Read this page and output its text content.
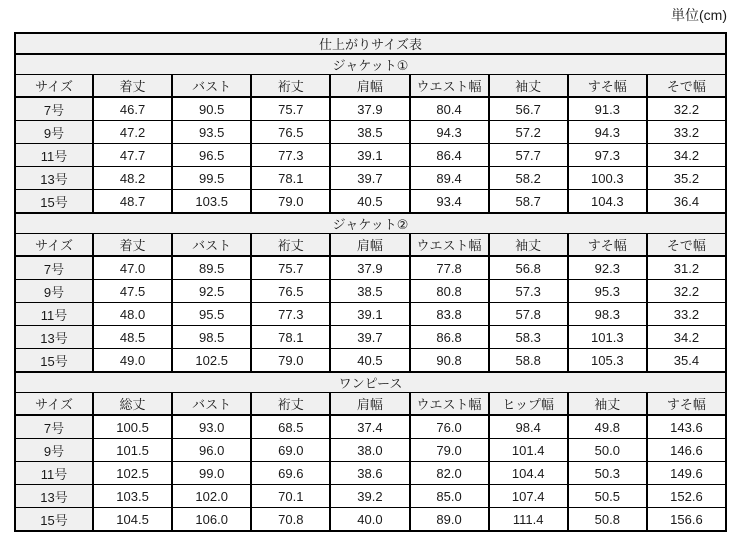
単位(cm)
仕上がりサイズ表								
ジャケット①								
サイズ	着丈	バスト	裄丈	肩幅	ウエスト幅	袖丈	すそ幅	そで幅
7号	46.7	90.5	75.7	37.9	80.4	56.7	91.3	32.2
9号	47.2	93.5	76.5	38.5	94.3	57.2	94.3	33.2
11号	47.7	96.5	77.3	39.1	86.4	57.7	97.3	34.2
13号	48.2	99.5	78.1	39.7	89.4	58.2	100.3	35.2
15号	48.7	103.5	79.0	40.5	93.4	58.7	104.3	36.4
ジャケット②								
サイズ	着丈	バスト	裄丈	肩幅	ウエスト幅	袖丈	すそ幅	そで幅
7号	47.0	89.5	75.7	37.9	77.8	56.8	92.3	31.2
9号	47.5	92.5	76.5	38.5	80.8	57.3	95.3	32.2
11号	48.0	95.5	77.3	39.1	83.8	57.8	98.3	33.2
13号	48.5	98.5	78.1	39.7	86.8	58.3	101.3	34.2
15号	49.0	102.5	79.0	40.5	90.8	58.8	105.3	35.4
ワンピース								
サイズ	総丈	バスト	裄丈	肩幅	ウエスト幅	ヒップ幅	袖丈	すそ幅
7号	100.5	93.0	68.5	37.4	76.0	98.4	49.8	143.6
9号	101.5	96.0	69.0	38.0	79.0	101.4	50.0	146.6
11号	102.5	99.0	69.6	38.6	82.0	104.4	50.3	149.6
13号	103.5	102.0	70.1	39.2	85.0	107.4	50.5	152.6
15号	104.5	106.0	70.8	40.0	89.0	111.4	50.8	156.6
